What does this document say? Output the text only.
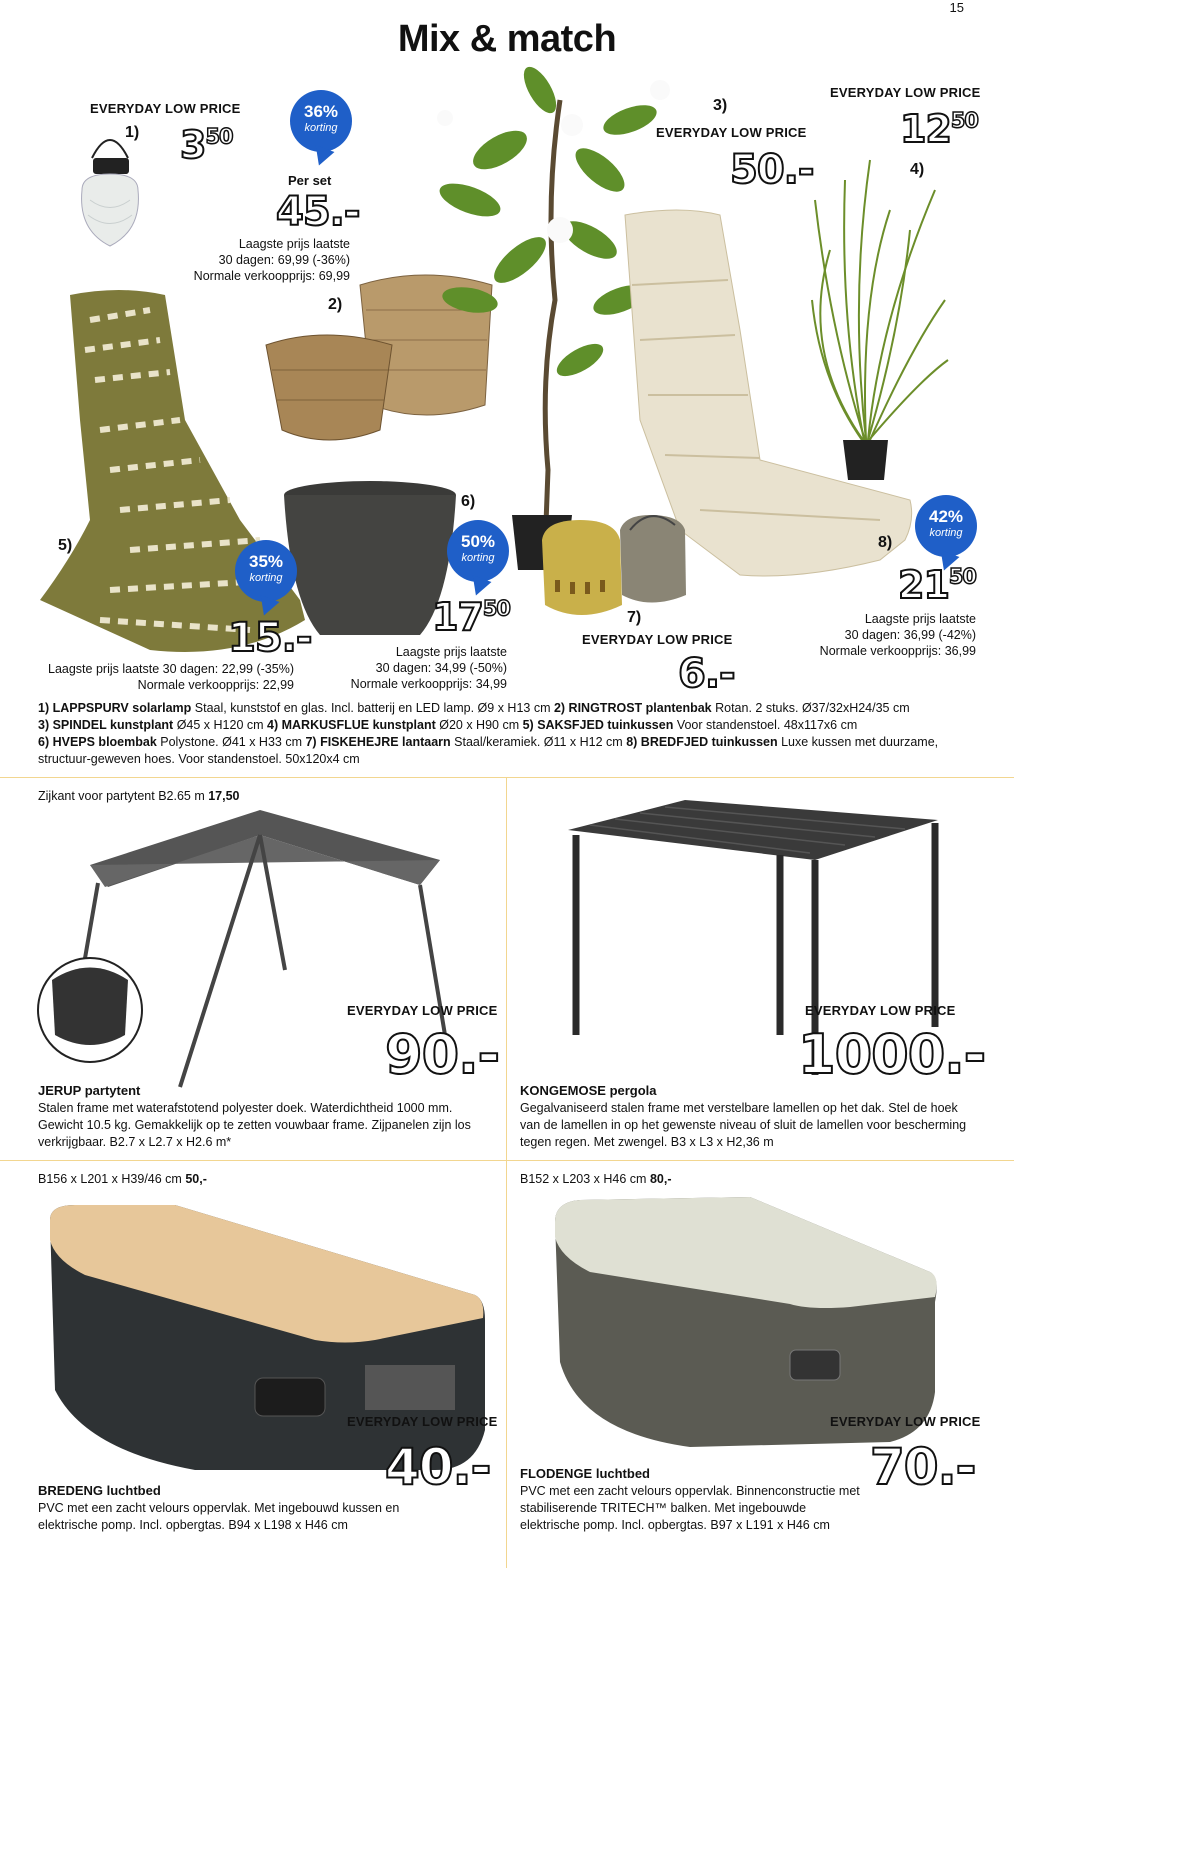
15
Mix & match
EVERYDAY LOW PRICE
1) $3^{50}$
36%
korting
Per set
45.-
Laagste prijs laatste
30 dagen: 69,99 (-36%)
Normale verkoopprijs: 69,99
2)
3)
EVERYDAY LOW PRICE
50.-
EVERYDAY LOW PRICE
$12^{50}$
4)
5)
35%
korting
15.-
Laagste prijs laatste 30 dagen: 22,99 (-35%)
Normale verkoopprijs: 22,99
6)
50%
korting
$17^{50}$
Laagste prijs laatste
30 dagen: 34,99 (-50%)
Normale verkoopprijs: 34,99
7)
EVERYDAY LOW PRICE
6.-
42%
korting
8)
$21^{50}$
Laagste prijs laatste
30 dagen: 36,99 (-42%)
Normale verkoopprijs: 36,99
1) LAPPSPURV solarlamp Staal, kunststof en glas. Incl. batterij en LED lamp. Ø9 x H13 cm 2) RINGTROST plantenbak Rotan. 2 stuks. Ø37/32xH24/35 cm
3) SPINDEL kunstplant Ø45 x H120 cm 4) MARKUSFLUE kunstplant Ø20 x H90 cm 5) SAKSFJED tuinkussen Voor standenstoel. 48x117x6 cm
6) HVEPS bloembak Polystone. Ø41 x H33 cm 7) FISKEHEJRE lantaarn Staal/keramiek. Ø11 x H12 cm 8) BREDFJED tuinkussen Luxe kussen met duurzame, structuur-geweven hoes. Voor standenstoel. 50x120x4 cm
Zijkant voor partytent B2.65 m 17,50
EVERYDAY LOW PRICE
90.-
JERUP partytent
Stalen frame met waterafstotend polyester doek. Waterdichtheid 1000 mm. Gewicht 10.5 kg. Gemakkelijk op te zetten vouwbaar frame. Zijpanelen zijn los verkrijgbaar. B2.7 x L2.7 x H2.6 m*
EVERYDAY LOW PRICE
1000.-
KONGEMOSE pergola
Gegalvaniseerd stalen frame met verstelbare lamellen op het dak. Stel de hoek van de lamellen in op het gewenste niveau of sluit de lamellen voor bescherming tegen regen. Met zwengel. B3 x L3 x H2,36 m
B156 x L201 x H39/46 cm 50,-
EVERYDAY LOW PRICE
40.-
BREDENG luchtbed
PVC met een zacht velours oppervlak. Met ingebouwd kussen en elektrische pomp. Incl. opbergtas. B94 x L198 x H46 cm
B152 x L203 x H46 cm 80,-
EVERYDAY LOW PRICE
70.-
FLODENGE luchtbed
PVC met een zacht velours oppervlak. Binnenconstructie met stabiliserende TRITECH™ balken. Met ingebouwde elektrische pomp. Incl. opbergtas. B97 x L191 x H46 cm
